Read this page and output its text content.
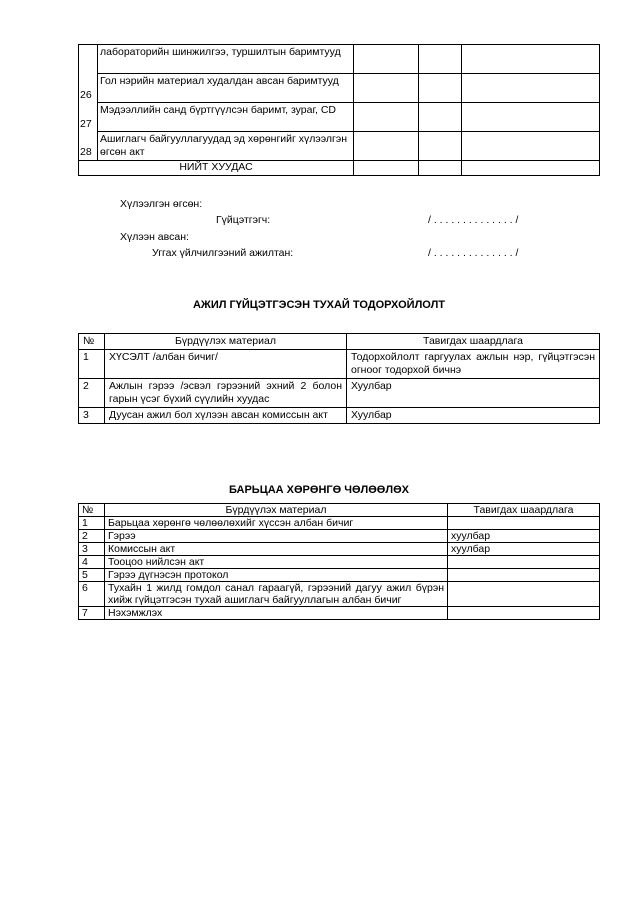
	лабораторийн шинжилгээ, туршилтын баримтууд			
26	Гол нэрийн материал худалдан авсан баримтууд			
27	Мэдээллийн санд бүртгүүлсэн баримт, зураг, CD			
28	Ашиглагч байгууллагуудад эд хөрөнгийг хүлээлгэн өгсөн акт			
НИЙТ ХУУДАС				
Хүлээлгэн өгсөн:
Гүйцэтгэгч:	/ . . . . . . . . . . . . . . /
Хүлээн авсан:
Уггах үйлчилгээний ажилтан:	/ . . . . . . . . . . . . . . /
АЖИЛ ГҮЙЦЭТГЭСЭН ТУХАЙ ТОДОРХОЙЛОЛТ
№	Бүрдүүлэх материал	Тавигдах шаардлага
1	ХҮСЭЛТ /албан бичиг/	Тодорхойлолт гаргуулах ажлын нэр, гүйцэтгэсэн огноог тодорхой бичнэ
2	Ажлын гэрээ /эсвэл гэрээний эхний 2 болон гарын үсэг бүхий сүүлийн хуудас	Хуулбар
3	Дуусан ажил бол хүлээн авсан комиссын акт	Хуулбар
БАРЬЦАА ХӨРӨНГӨ ЧӨЛӨӨЛӨХ
№	Бүрдүүлэх материал	Тавигдах шаардлага
1	Барьцаа хөрөнгө чөлөөлөхийг хүссэн албан бичиг	
2	Гэрээ	хуулбар
3	Комиссын акт	хуулбар
4	Тооцоо нийлсэн акт	
5	Гэрээ дүгнэсэн протокол	
6	Тухайн 1 жилд гомдол санал гараагүй, гэрээний дагуу ажил бүрэн хийж гүйцэтгэсэн тухай ашиглагч байгууллагын албан бичиг	
7	Нэхэмжлэх	
